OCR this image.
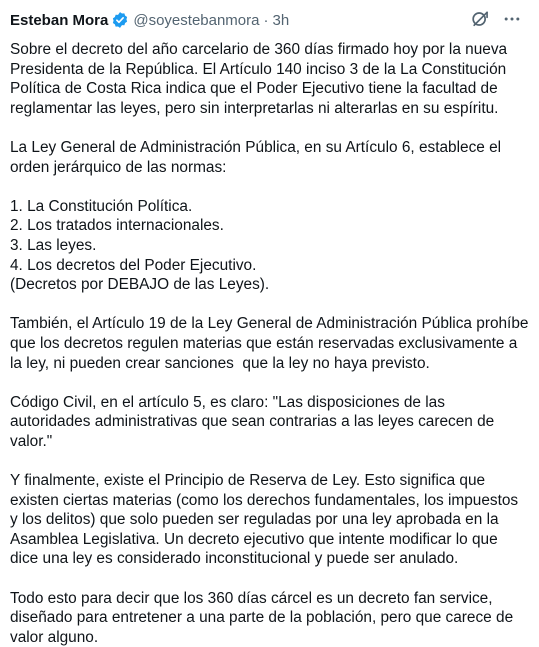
Esteban Mora @soyestebanmora · 3h

Sobre el decreto del año carcelario de 360 días firmado hoy por la nueva Presidenta de la República. El Artículo 140 inciso 3 de la La Constitución Política de Costa Rica indica que el Poder Ejecutivo tiene la facultad de reglamentar las leyes, pero sin interpretarlas ni alterarlas en su espíritu.

La Ley General de Administración Pública, en su Artículo 6, establece el orden jerárquico de las normas:

1. La Constitución Política.

2. Los tratados internacionales.

3. Las leyes.

4. Los decretos del Poder Ejecutivo.

(Decretos por DEBAJO de las Leyes).

También, el Artículo 19 de la Ley General de Administración Pública prohíbe que los decretos regulen materias que están reservadas exclusivamente a la ley, ni pueden crear sanciones  que la ley no haya previsto.

Código Civil, en el artículo 5, es claro: "Las disposiciones de las autoridades administrativas que sean contrarias a las leyes carecen de valor."

Y finalmente, existe el Principio de Reserva de Ley. Esto significa que existen ciertas materias (como los derechos fundamentales, los impuestos y los delitos) que solo pueden ser reguladas por una ley aprobada en la Asamblea Legislativa. Un decreto ejecutivo que intente modificar lo que dice una ley es considerado inconstitucional y puede ser anulado.

Todo esto para decir que los 360 días cárcel es un decreto fan service, diseñado para entretener a una parte de la población, pero que carece de valor alguno.
